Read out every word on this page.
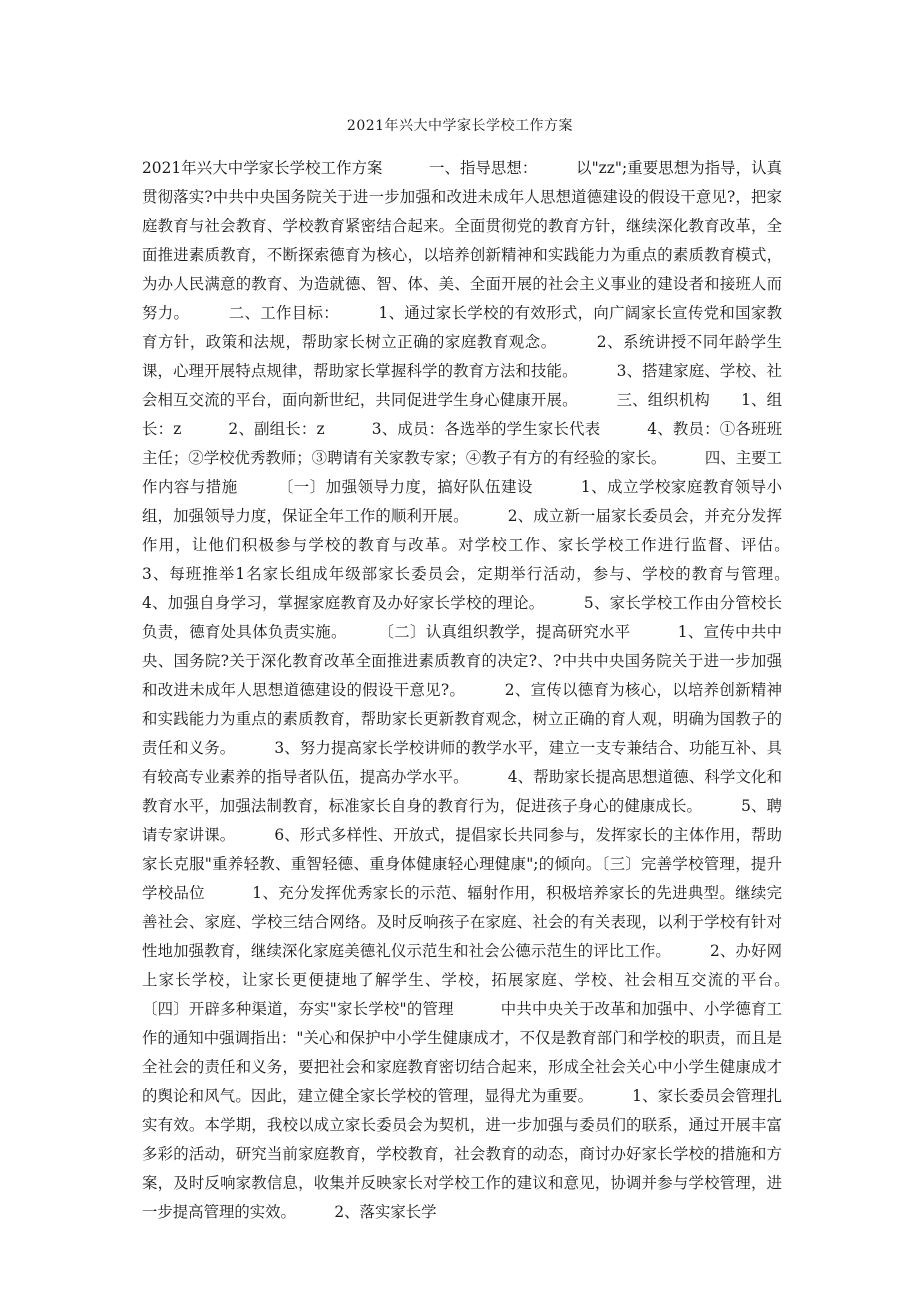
2021年兴大中学家长学校工作方案
2021年兴大中学家长学校工作方案　　　一、指导思想：　　　以"zz";重要思想为指导，认真贯彻落实?中共中央国务院关于进一步加强和改进未成年人思想道德建设的假设干意见?，把家庭教育与社会教育、学校教育紧密结合起来。全面贯彻党的教育方针，继续深化教育改革，全面推进素质教育，不断探索德育为核心，以培养创新精神和实践能力为重点的素质教育模式，为办人民满意的教育、为造就德、智、体、美、全面开展的社会主义事业的建设者和接班人而努力。　　　二、工作目标：　　　1、通过家长学校的有效形式，向广阔家长宣传党和国家教育方针，政策和法规，帮助家长树立正确的家庭教育观念。　　　2、系统讲授不同年龄学生课，心理开展特点规律，帮助家长掌握科学的教育方法和技能。　　　3、搭建家庭、学校、社会相互交流的平台，面向新世纪，共同促进学生身心健康开展。　　　三、组织机构　　1、组长：z　　　2、副组长：z　　　3、成员：各选举的学生家长代表　　　4、教员：①各班班主任；②学校优秀教师；③聘请有关家教专家；④教子有方的有经验的家长。　　　四、主要工作内容与措施　　　〔一〕加强领导力度，搞好队伍建设　　　1、成立学校家庭教育领导小组，加强领导力度，保证全年工作的顺利开展。　　　2、成立新一届家长委员会，并充分发挥作用，让他们积极参与学校的教育与改革。对学校工作、家长学校工作进行监督、评估。　　　3、每班推举1名家长组成年级部家长委员会，定期举行活动，参与、学校的教育与管理。　　　4、加强自身学习，掌握家庭教育及办好家长学校的理论。　　　5、家长学校工作由分管校长负责，德育处具体负责实施。　　　〔二〕认真组织教学，提高研究水平　　　1、宣传中共中央、国务院?关于深化教育改革全面推进素质教育的决定?、?中共中央国务院关于进一步加强和改进未成年人思想道德建设的假设干意见?。　　　2、宣传以德育为核心，以培养创新精神和实践能力为重点的素质教育，帮助家长更新教育观念，树立正确的育人观，明确为国教子的责任和义务。　　　3、努力提高家长学校讲师的教学水平，建立一支专兼结合、功能互补、具有较高专业素养的指导者队伍，提高办学水平。　　　4、帮助家长提高思想道德、科学文化和教育水平，加强法制教育，标准家长自身的教育行为，促进孩子身心的健康成长。　　　5、聘请专家讲课。　　　6、形式多样性、开放式，提倡家长共同参与，发挥家长的主体作用，帮助家长克服"重养轻教、重智轻德、重身体健康轻心理健康";的倾向。〔三〕完善学校管理，提升学校品位　　　1、充分发挥优秀家长的示范、辐射作用，积极培养家长的先进典型。继续完善社会、家庭、学校三结合网络。及时反响孩子在家庭、社会的有关表现，以利于学校有针对性地加强教育，继续深化家庭美德礼仪示范生和社会公德示范生的评比工作。　　　2、办好网上家长学校，让家长更便捷地了解学生、学校，拓展家庭、学校、社会相互交流的平台。　　　〔四〕开辟多种渠道，夯实"家长学校"的管理　　　中共中央关于改革和加强中、小学德育工作的通知中强调指出："关心和保护中小学生健康成才，不仅是教育部门和学校的职责，而且是全社会的责任和义务，要把社会和家庭教育密切结合起来，形成全社会关心中小学生健康成才的舆论和风气。因此，建立健全家长学校的管理，显得尤为重要。　　　1、家长委员会管理扎实有效。本学期，我校以成立家长委员会为契机，进一步加强与委员们的联系，通过开展丰富多彩的活动，研究当前家庭教育，学校教育，社会教育的动态，商讨办好家长学校的措施和方案，及时反响家教信息，收集并反映家长对学校工作的建议和意见，协调并参与学校管理，进一步提高管理的实效。　　　2、落实家长学
